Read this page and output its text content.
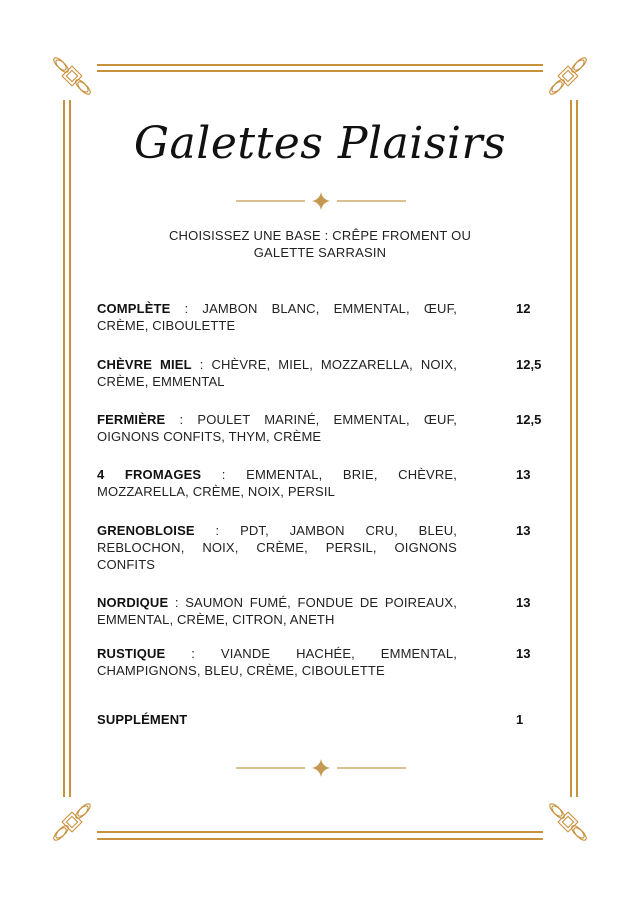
Galettes Plaisirs
CHOISISSEZ UNE BASE : CRÊPE FROMENT OU GALETTE SARRASIN
COMPLÈTE : JAMBON BLANC, EMMENTAL, ŒUF, CRÈME, CIBOULETTE
12
CHÈVRE MIEL : CHÈVRE, MIEL, MOZZARELLA, NOIX, CRÈME, EMMENTAL
12,5
FERMIÈRE : POULET MARINÉ, EMMENTAL, ŒUF, OIGNONS CONFITS, THYM, CRÈME
12,5
4 FROMAGES : EMMENTAL, BRIE, CHÈVRE, MOZZARELLA, CRÈME, NOIX, PERSIL
13
GRENOBLOISE : PDT, JAMBON CRU, BLEU, REBLOCHON, NOIX, CRÈME, PERSIL, OIGNONS CONFITS
13
NORDIQUE : SAUMON FUMÉ, FONDUE DE POIREAUX, EMMENTAL, CRÈME, CITRON, ANETH
13
RUSTIQUE : VIANDE HACHÉE, EMMENTAL, CHAMPIGNONS, BLEU, CRÈME, CIBOULETTE
13
SUPPLÉMENT	1
